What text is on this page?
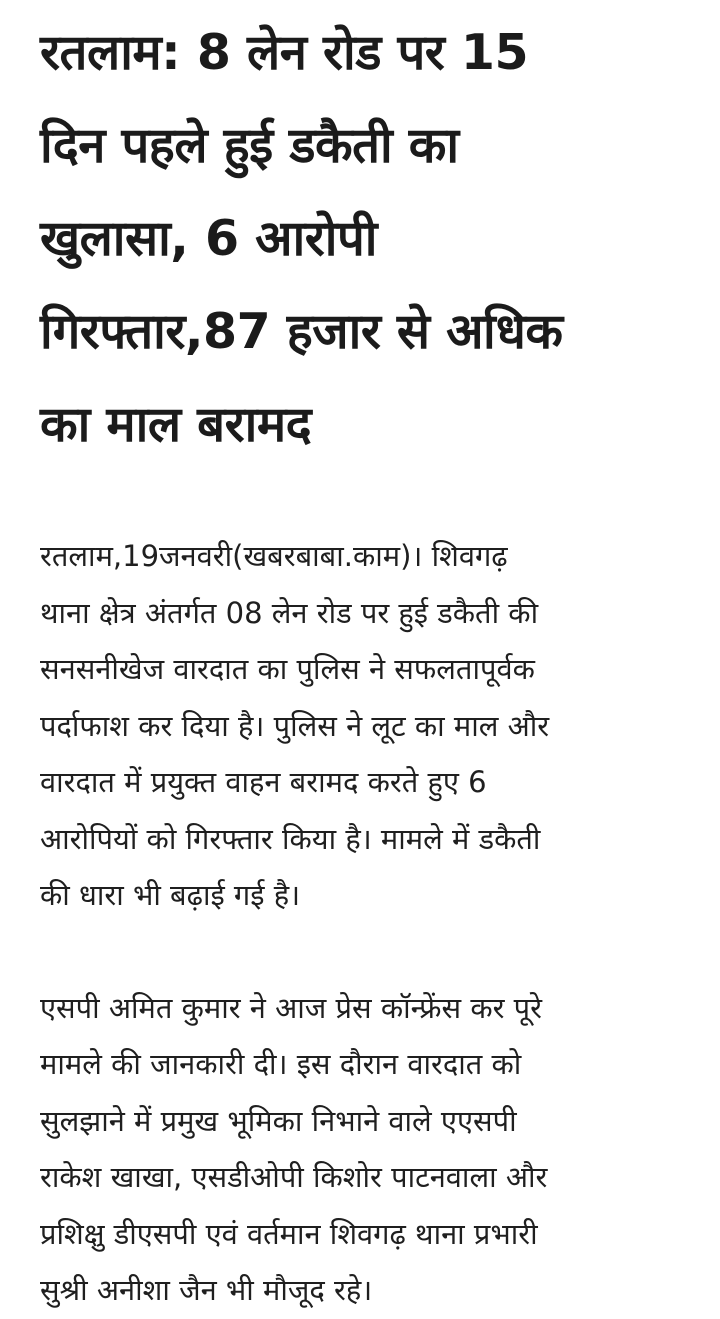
रतलाम: 8 लेन रोड पर 15
दिन पहले हुई डकैती का
खुलासा, 6 आरोपी
गिरफ्तार,87 हजार से अधिक
का माल बरामद

रतलाम,19जनवरी(खबरबाबा.काम)। शिवगढ़
थाना क्षेत्र अंतर्गत 08 लेन रोड पर हुई डकैती की
सनसनीखेज वारदात का पुलिस ने सफलतापूर्वक
पर्दाफाश कर दिया है। पुलिस ने लूट का माल और
वारदात में प्रयुक्त वाहन बरामद करते हुए 6
आरोपियों को गिरफ्तार किया है। मामले में डकैती
की धारा भी बढ़ाई गई है।

एसपी अमित कुमार ने आज प्रेस कॉन्फ्रेंस कर पूरे
मामले की जानकारी दी। इस दौरान वारदात को
सुलझाने में प्रमुख भूमिका निभाने वाले एएसपी
राकेश खाखा, एसडीओपी किशोर पाटनवाला और
प्रशिक्षु डीएसपी एवं वर्तमान शिवगढ़ थाना प्रभारी
सुश्री अनीशा जैन भी मौजूद रहे।
